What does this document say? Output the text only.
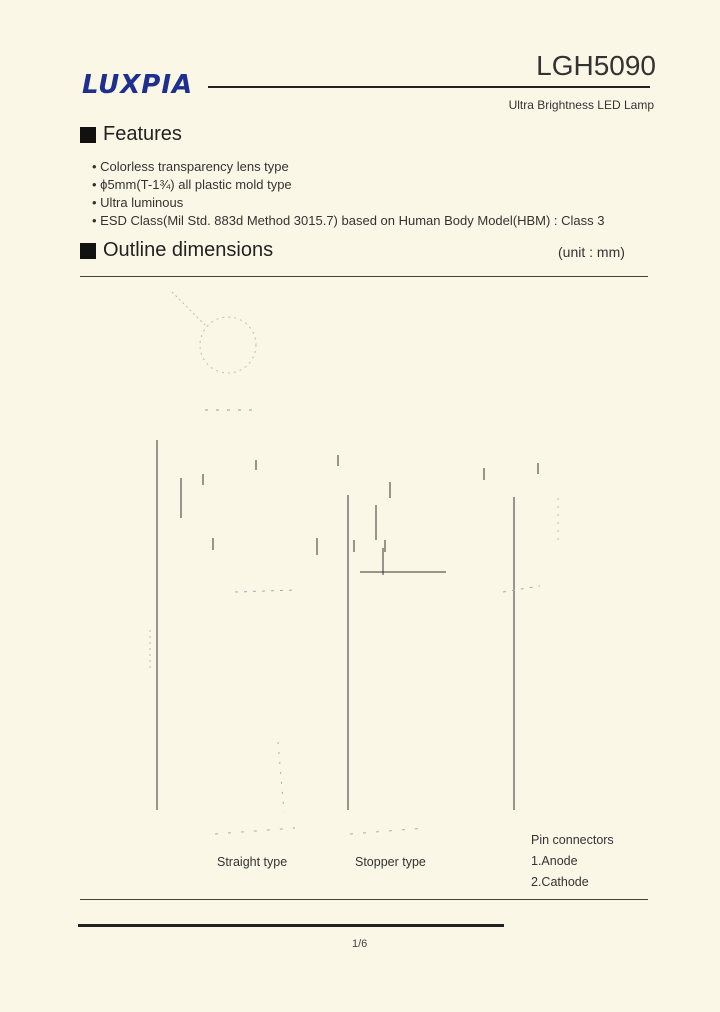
LUXPIA
LGH5090
Ultra Brightness LED Lamp
Features
• Colorless transparency lens type
• ϕ5mm(T-1¾) all plastic mold type
• Ultra luminous
• ESD Class(Mil Std. 883d Method 3015.7) based on Human Body Model(HBM) : Class 3
Outline dimensions	(unit : mm)
Straight type	Stopper type
Pin connectors
1.Anode
2.Cathode
1/6
